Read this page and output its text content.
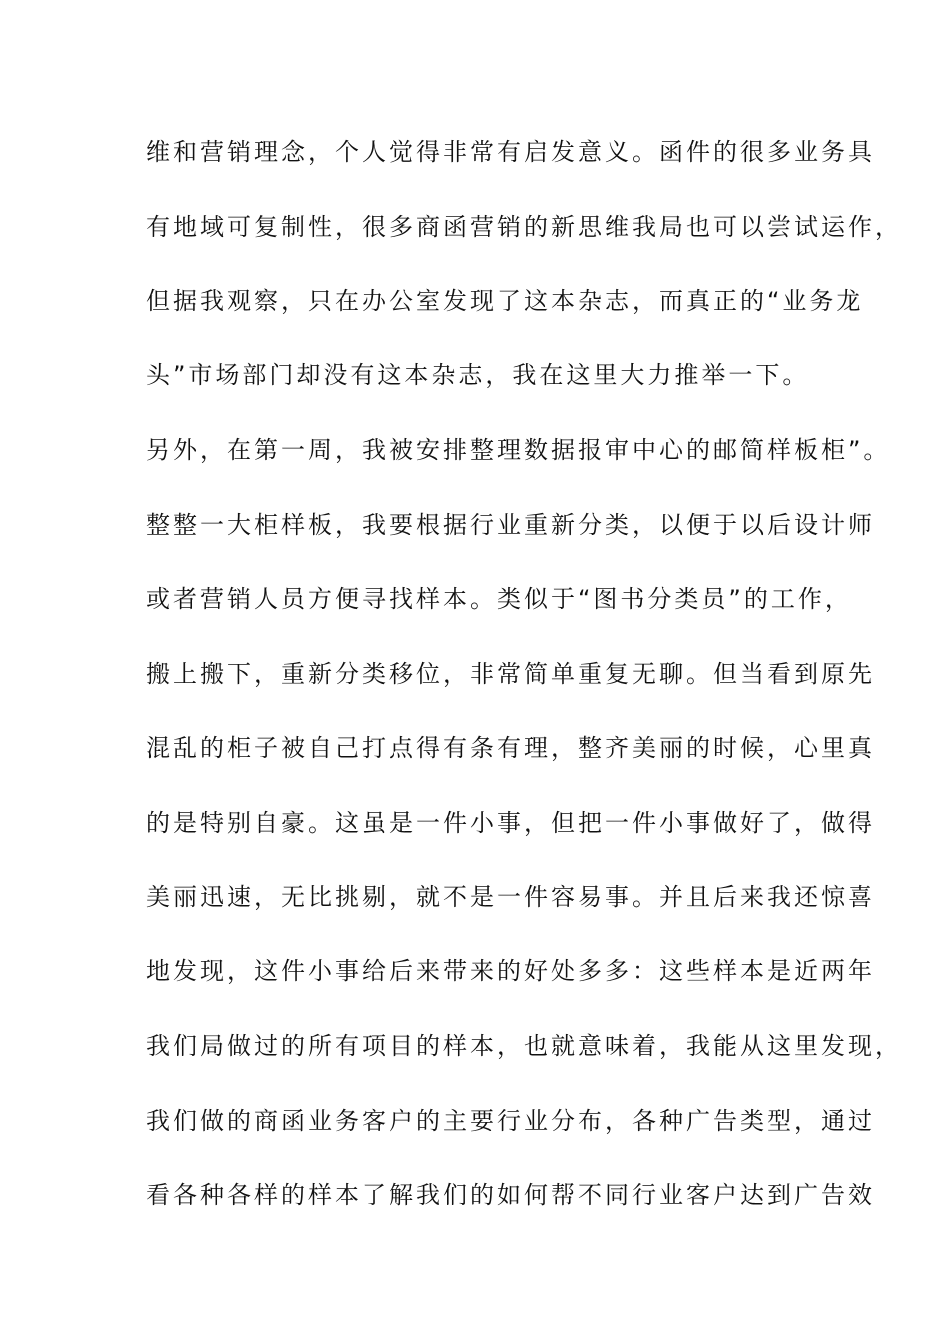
维和营销理念，个人觉得非常有启发意义。函件的很多业务具
有地域可复制性，很多商函营销的新思维我局也可以尝试运作，
但据我观察，只在办公室发现了这本杂志，而真正的“业务龙
头”市场部门却没有这本杂志，我在这里大力推举一下。
另外，在第一周，我被安排整理数据报审中心的邮简样板柜”。
整整一大柜样板，我要根据行业重新分类，以便于以后设计师
或者营销人员方便寻找样本。类似于“图书分类员”的工作，
搬上搬下，重新分类移位，非常简单重复无聊。但当看到原先
混乱的柜子被自己打点得有条有理，整齐美丽的时候，心里真
的是特别自豪。这虽是一件小事，但把一件小事做好了，做得
美丽迅速，无比挑剔，就不是一件容易事。并且后来我还惊喜
地发现，这件小事给后来带来的好处多多：这些样本是近两年
我们局做过的所有项目的样本，也就意味着，我能从这里发现，
我们做的商函业务客户的主要行业分布，各种广告类型，通过
看各种各样的样本了解我们的如何帮不同行业客户达到广告效
